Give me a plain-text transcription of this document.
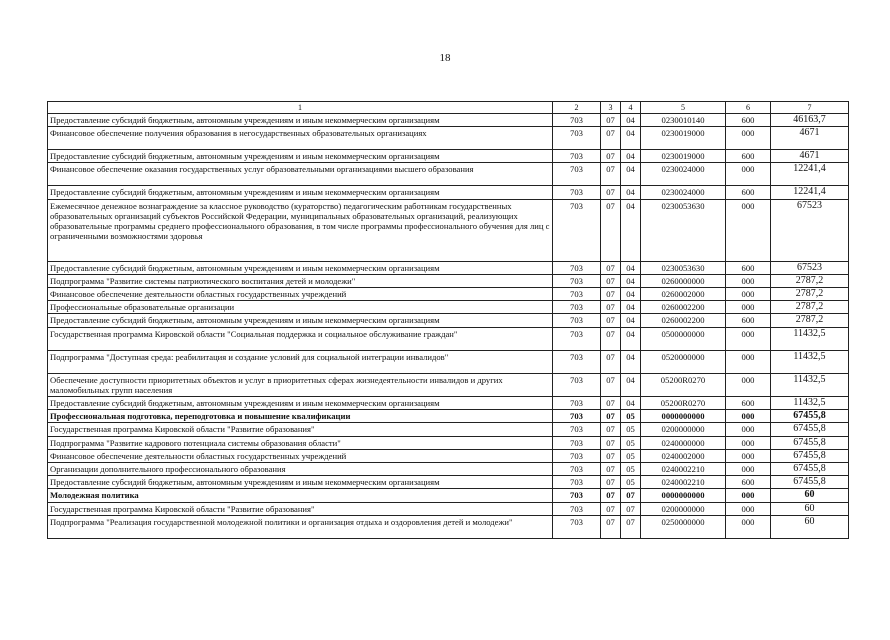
18
1	2	3	4	5	6	7
Предоставление субсидий бюджетным, автономным учреждениям и иным некоммерческим организациям	703	07	04	0230010140	600	46163,7
Финансовое обеспечение получения образования в негосударственных образовательных организациях	703	07	04	0230019000	000	4671
Предоставление субсидий бюджетным, автономным учреждениям и иным некоммерческим организациям	703	07	04	0230019000	600	4671
Финансовое обеспечение оказания государственных услуг образовательными организациями высшего образования	703	07	04	0230024000	000	12241,4
Предоставление субсидий бюджетным, автономным учреждениям и иным некоммерческим организациям	703	07	04	0230024000	600	12241,4
Ежемесячное денежное вознаграждение за классное руководство (кураторство) педагогическим работникам государственных образовательных организаций субъектов Российской Федерации, муниципальных образовательных организаций, реализующих образовательные программы среднего профессионального образования, в том числе программы профессионального обучения для лиц с ограниченными возможностями здоровья	703	07	04	0230053630	000	67523
Предоставление субсидий бюджетным, автономным учреждениям и иным некоммерческим организациям	703	07	04	0230053630	600	67523
Подпрограмма "Развитие системы патриотического воспитания детей и молодежи"	703	07	04	0260000000	000	2787,2
Финансовое обеспечение деятельности областных государственных учреждений	703	07	04	0260002000	000	2787,2
Профессиональные образовательные организации	703	07	04	0260002200	000	2787,2
Предоставление субсидий бюджетным, автономным учреждениям и иным некоммерческим организациям	703	07	04	0260002200	600	2787,2
Государственная программа Кировской области "Социальная поддержка и социальное обслуживание граждан"	703	07	04	0500000000	000	11432,5
Подпрограмма "Доступная среда: реабилитация и создание условий для социальной интеграции инвалидов"	703	07	04	0520000000	000	11432,5
Обеспечение доступности приоритетных объектов и услуг в приоритетных сферах жизнедеятельности инвалидов и других маломобильных групп населения	703	07	04	05200R0270	000	11432,5
Предоставление субсидий бюджетным, автономным учреждениям и иным некоммерческим организациям	703	07	04	05200R0270	600	11432,5
Профессиональная подготовка, переподготовка и повышение квалификации	703	07	05	0000000000	000	67455,8
Государственная программа Кировской области "Развитие образования"	703	07	05	0200000000	000	67455,8
Подпрограмма "Развитие кадрового потенциала системы образования области"	703	07	05	0240000000	000	67455,8
Финансовое обеспечение деятельности областных государственных учреждений	703	07	05	0240002000	000	67455,8
Организации дополнительного профессионального образования	703	07	05	0240002210	000	67455,8
Предоставление субсидий бюджетным, автономным учреждениям и иным некоммерческим организациям	703	07	05	0240002210	600	67455,8
Молодежная политика	703	07	07	0000000000	000	60
Государственная программа Кировской области "Развитие образования"	703	07	07	0200000000	000	60
Подпрограмма "Реализация государственной молодежной политики и организация отдыха и оздоровления детей и молодежи"	703	07	07	0250000000	000	60
